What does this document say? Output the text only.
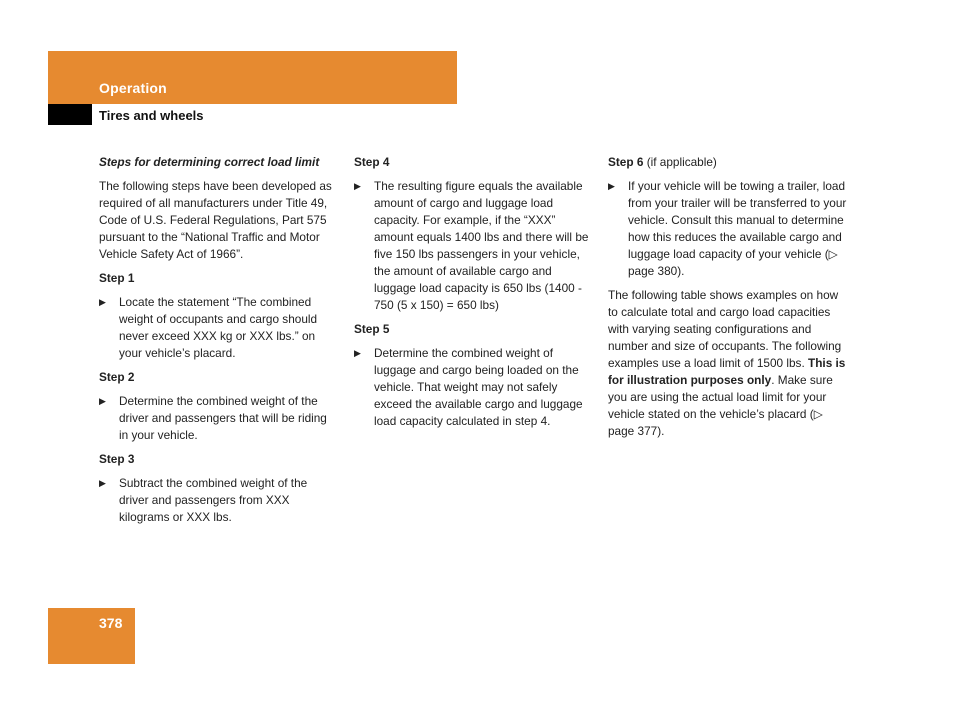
Operation
Tires and wheels

Steps for determining correct load limit

The following steps have been developed as required of all manufacturers under Title 49, Code of U.S. Federal Regulations, Part 575 pursuant to the “National Traffic and Motor Vehicle Safety Act of 1966”.

Step 1

▶ Locate the statement “The combined weight of occupants and cargo should never exceed XXX kg or XXX lbs.” on your vehicle’s placard.

Step 2

▶ Determine the combined weight of the driver and passengers that will be riding in your vehicle.

Step 3

▶ Subtract the combined weight of the driver and passengers from XXX kilograms or XXX lbs.

Step 4

▶ The resulting figure equals the available amount of cargo and luggage load capacity. For example, if the “XXX” amount equals 1400 lbs and there will be five 150 lbs passengers in your vehicle, the amount of available cargo and luggage load capacity is 650 lbs (1400 - 750 (5 x 150) = 650 lbs)

Step 5

▶ Determine the combined weight of luggage and cargo being loaded on the vehicle. That weight may not safely exceed the available cargo and luggage load capacity calculated in step 4.

Step 6 (if applicable)

▶ If your vehicle will be towing a trailer, load from your trailer will be transferred to your vehicle. Consult this manual to determine how this reduces the available cargo and luggage load capacity of your vehicle (▷ page 380).

The following table shows examples on how to calculate total and cargo load capacities with varying seating configurations and number and size of occupants. The following examples use a load limit of 1500 lbs. This is for illustration purposes only. Make sure you are using the actual load limit for your vehicle stated on the vehicle’s placard (▷ page 377).

378
